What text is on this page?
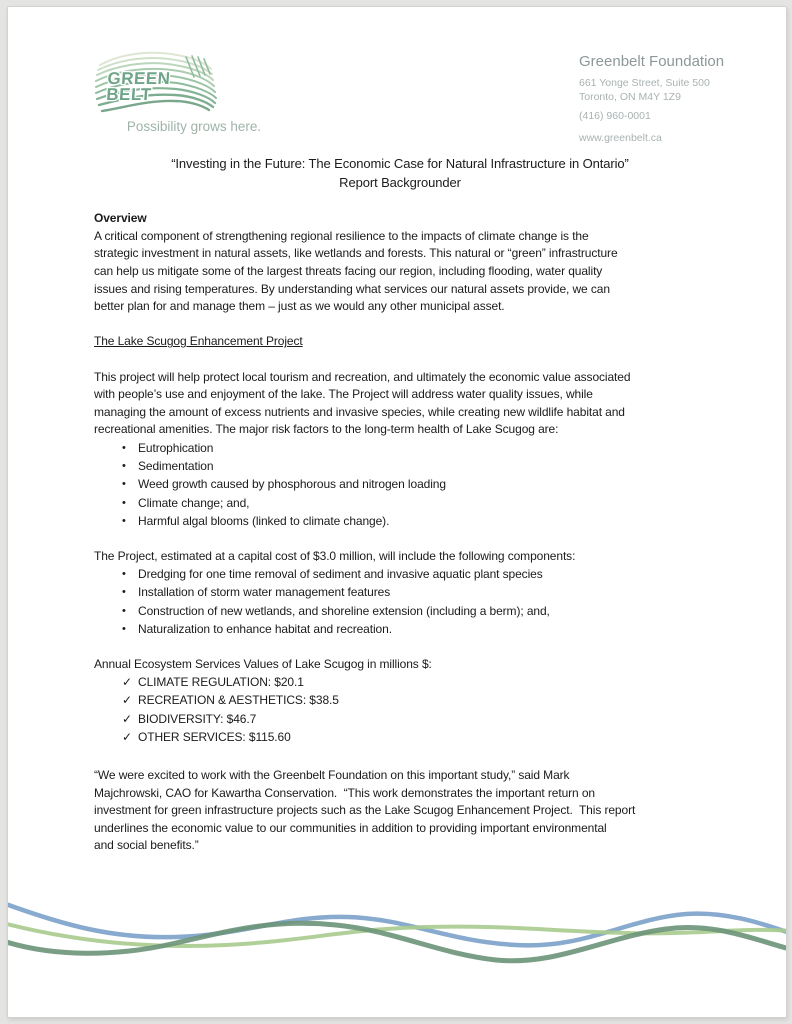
GREEN
BELT
Possibility grows here.
Greenbelt Foundation
661 Yonge Street, Suite 500
Toronto, ON M4Y 1Z9
(416) 960-0001
www.greenbelt.ca
“Investing in the Future: The Economic Case for Natural Infrastructure in Ontario”
Report Backgrounder
Overview
A critical component of strengthening regional resilience to the impacts of climate change is the
strategic investment in natural assets, like wetlands and forests. This natural or “green” infrastructure
can help us mitigate some of the largest threats facing our region, including flooding, water quality
issues and rising temperatures. By understanding what services our natural assets provide, we can
better plan for and manage them – just as we would any other municipal asset.
The Lake Scugog Enhancement Project
This project will help protect local tourism and recreation, and ultimately the economic value associated
with people’s use and enjoyment of the lake. The Project will address water quality issues, while
managing the amount of excess nutrients and invasive species, while creating new wildlife habitat and
recreational amenities. The major risk factors to the long-term health of Lake Scugog are:
•	Eutrophication
•	Sedimentation
•	Weed growth caused by phosphorous and nitrogen loading
•	Climate change; and,
•	Harmful algal blooms (linked to climate change).
The Project, estimated at a capital cost of $3.0 million, will include the following components:
•	Dredging for one time removal of sediment and invasive aquatic plant species
•	Installation of storm water management features
•	Construction of new wetlands, and shoreline extension (including a berm); and,
•	Naturalization to enhance habitat and recreation.
Annual Ecosystem Services Values of Lake Scugog in millions $:
✓ CLIMATE REGULATION: $20.1
✓ RECREATION & AESTHETICS: $38.5
✓ BIODIVERSITY: $46.7
✓ OTHER SERVICES: $115.60
“We were excited to work with the Greenbelt Foundation on this important study,” said Mark
Majchrowski, CAO for Kawartha Conservation.  “This work demonstrates the important return on
investment for green infrastructure projects such as the Lake Scugog Enhancement Project.  This report
underlines the economic value to our communities in addition to providing important environmental
and social benefits.”
